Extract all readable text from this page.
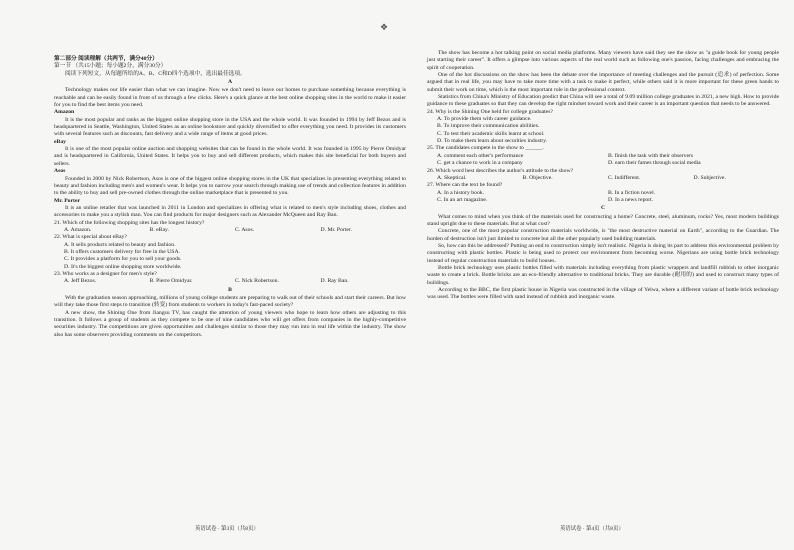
❖

第二部分 阅读理解（共两节，满分40分）

第一节 （共15小题；每小题2分，满分30分）

阅读下列短文，从每题所给的A、B、C和D四个选项中，选出最佳选项。

A

Technology makes our life easier than what we can imagine. Now we don't need to leave our homes to purchase something because everything is reachable and can be easily found in front of us through a few clicks. Here's a quick glance at the best online shopping sites in the world to make it easier for you to find the best items you need.

Amazon

It is the most popular and ranks as the biggest online shopping store in the USA and the whole world. It was founded in 1994 by Jeff Bezos and is headquartered in Seattle, Washington, United States as an online bookstore and quickly diversified to offer everything you need. It provides its customers with several features such as discounts, fast delivery and a wide range of items at good prices.

eBay

It is one of the most popular online auction and shopping websites that can be found in the whole world. It was founded in 1995 by Pierre Omidyar and is headquartered in California, United States. It helps you to buy and sell different products, which makes this site beneficial for both buyers and sellers.

Asos

Founded in 2000 by Nick Robertson, Asos is one of the biggest online shopping stores in the UK that specializes in presenting everything related to beauty and fashion including men's and women's wear. It helps you to narrow your search through making use of trends and collection features in addition to the ability to buy and sell pre-owned clothes through the online marketplace that is presented to you.

Mr. Porter

It is an online retailer that was launched in 2011 in London and specializes in offering what is related to men's style including shoes, clothes and accessories to make you a stylish man. You can find products for major designers such as Alexander McQueen and Ray Ban.

21. Which of the following shopping sites has the longest history?

A. Amazon.	B. eBay.	C. Asos.	D. Mr. Porter.

22. What is special about eBay?

A. It sells products related to beauty and fashion.
B. It offers customers delivery for free in the USA.
C. It provides a platform for you to sell your goods.
D. It's the biggest online shopping store worldwide.

23. Who works as a designer for men's style?

A. Jeff Bezos.	B. Pierre Omidyar.	C. Nick Robertson.	D. Ray Ban.

B

With the graduation season approaching, millions of young college students are preparing to walk out of their schools and start their careers. But how will they take those first steps to transition (转变) from students to workers in today's fast-paced society?

A new show, the Shining One from Jiangsu TV, has caught the attention of young viewers who hope to learn how others are adjusting to this transition. It follows a group of students as they compete to be one of nine candidates who will get offers from companies in the highly-competitive securities industry. The competitions are given opportunities and challenges similar to those they may run into in real life within the industry. The show also has some observers providing comments on the competitors.

The show has become a hot talking point on social media platforms. Many viewers have said they see the show as "a guide book for young people just starting their career". It offers a glimpse into various aspects of the real world such as following one's passion, facing challenges and embracing the spirit of cooperation.

One of the hot discussions on the show has been the debate over the importance of meeting challenges and the pursuit (追求) of perfection. Some argued that in real life, you may have to take more time with a task to make it perfect, while others said it is more important for these green hands to submit their work on time, which is the most important rule in the professional context.

Statistics from China's Ministry of Education predict that China will see a total of 9.09 million college graduates in 2021, a new high. How to provide guidance to these graduates so that they can develop the right mindset toward work and their career is an important question that needs to be answered.

24. Why is the Shining One held for college graduates?

A. To provide them with career guidance.
B. To improve their communication abilities.
C. To test their academic skills learnt at school.
D. To make them learn about securities industry.

25. The candidates compete in the show to ______.

A. comment each other's performance	B. finish the task with their observers
C. get a chance to work in a company	D. earn their fames through social media

26. Which word best describes the author's attitude to the show?

A. Skeptical.	B. Objective.	C. Indifferent.	D. Subjective.

27. Where can the text be found?

A. In a history book.	B. In a fiction novel.
C. In an art magazine.	D. In a news report.

C

What comes to mind when you think of the materials used for constructing a home? Concrete, steel, aluminum, rocks? Yes, most modern buildings stand upright due to these materials. But at what cost?

Concrete, one of the most popular construction materials worldwide, is "the most destructive material on Earth", according to the Guardian. The burden of destruction isn't just limited to concrete but all the other popularly used building materials.

So, how can this be addressed? Putting an end to construction simply isn't realistic. Nigeria is doing its part to address this environmental problem by constructing with plastic bottles. Plastic is being used to protect our environment from becoming worse. Nigerians are using bottle brick technology instead of regular construction materials to build houses.

Bottle brick technology uses plastic bottles filled with materials including everything from plastic wrappers and landfill rubbish to other inorganic waste to create a brick. Bottle bricks are an eco-friendly alternative to traditional bricks. They are durable (耐用的) and used to construct many types of buildings.

According to the BBC, the first plastic house in Nigeria was constructed in the village of Yelwa, where a different variant of bottle brick technology was used. The bottles were filled with sand instead of rubbish and inorganic waste.

英语试卷 · 第3页（共8页）	英语试卷 · 第4页（共8页）
